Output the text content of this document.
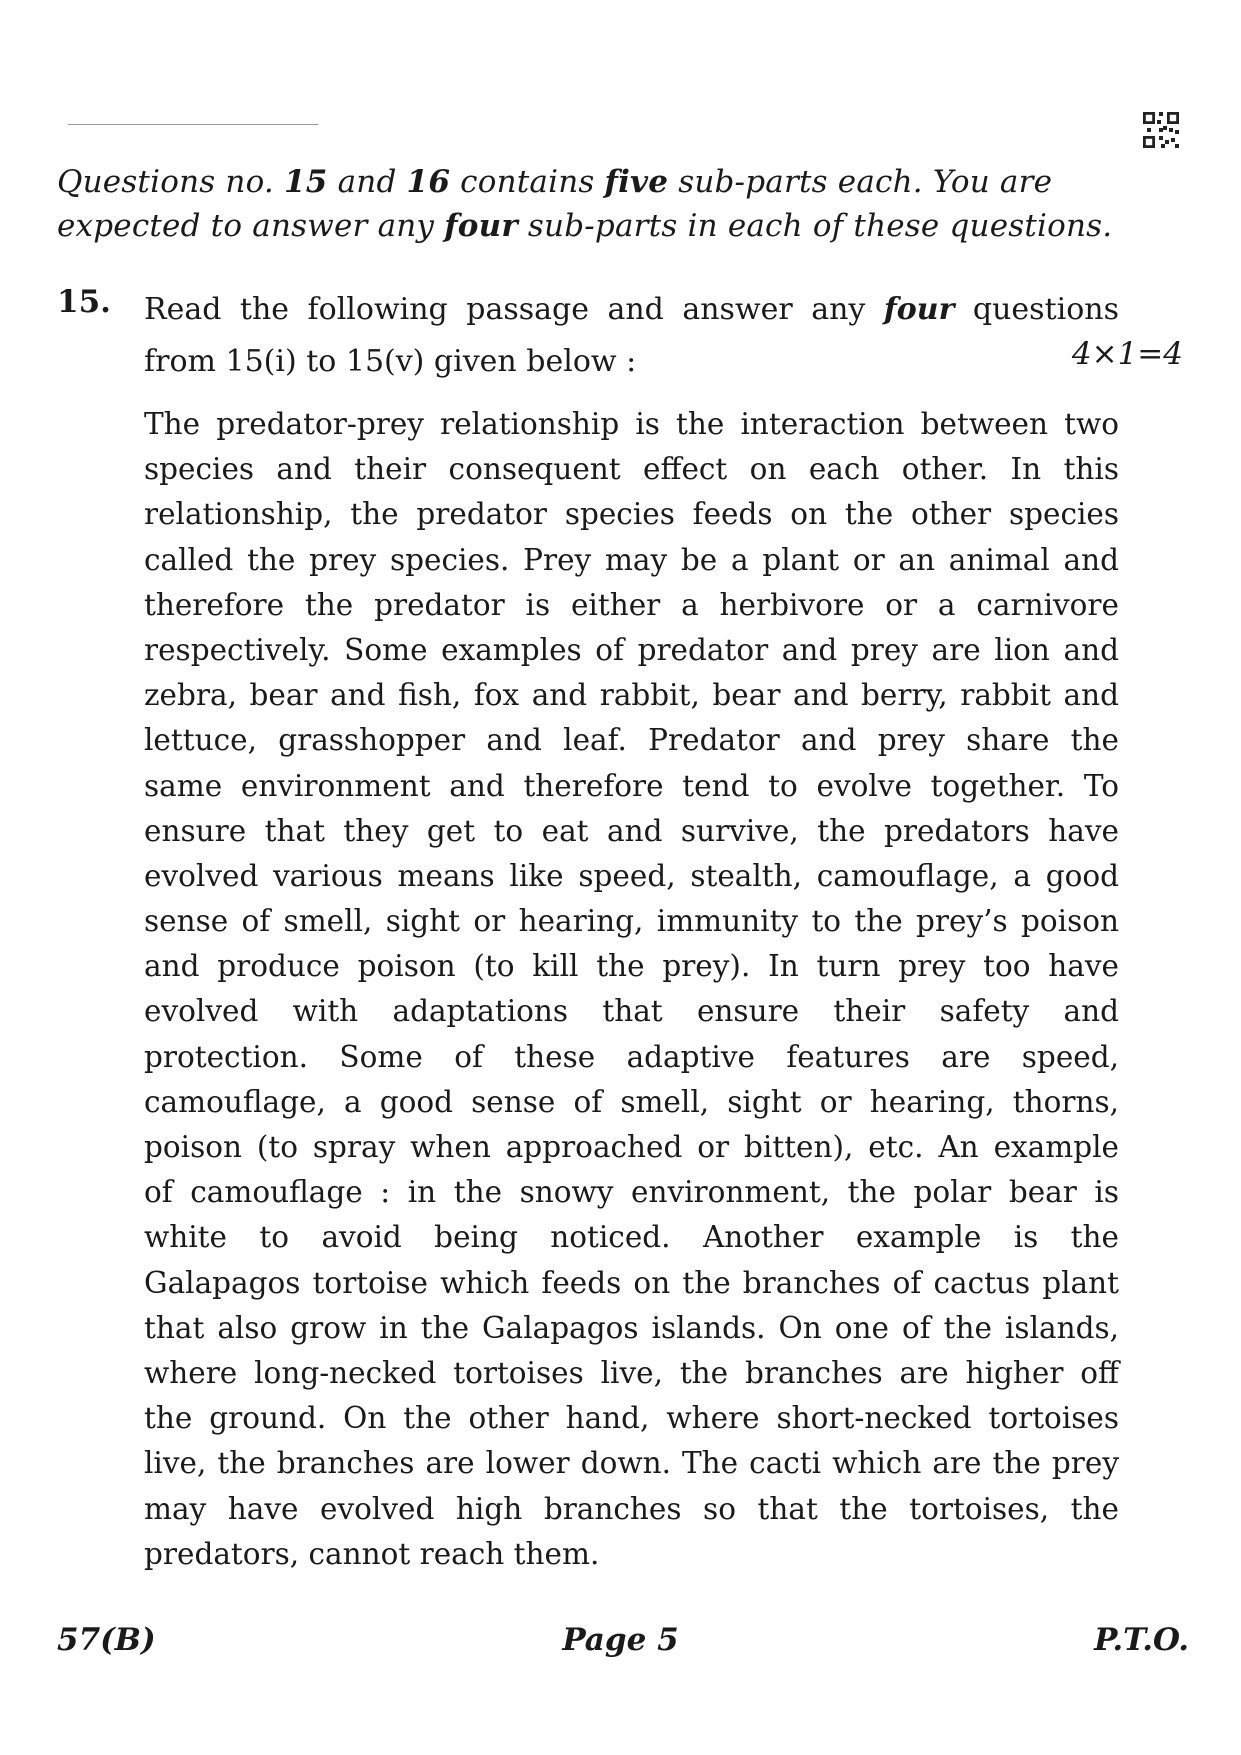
Questions no. 15 and 16 contains five sub-parts each. You are

expected to answer any four sub-parts in each of these questions.

15. Read the following passage and answer any four questions

from 15(i) to 15(v) given below :	4×1=4
The predator-prey relationship is the interaction between two
species and their consequent effect on each other. In this
relationship, the predator species feeds on the other species
called the prey species. Prey may be a plant or an animal and
therefore the predator is either a herbivore or a carnivore
respectively. Some examples of predator and prey are lion and
zebra, bear and fish, fox and rabbit, bear and berry, rabbit and
lettuce, grasshopper and leaf. Predator and prey share the
same environment and therefore tend to evolve together. To
ensure that they get to eat and survive, the predators have
evolved various means like speed, stealth, camouflage, a good
sense of smell, sight or hearing, immunity to the prey’s poison
and produce poison (to kill the prey). In turn prey too have
evolved with adaptations that ensure their safety and
protection. Some of these adaptive features are speed,
camouflage, a good sense of smell, sight or hearing, thorns,
poison (to spray when approached or bitten), etc. An example
of camouflage : in the snowy environment, the polar bear is
white to avoid being noticed. Another example is the
Galapagos tortoise which feeds on the branches of cactus plant
that also grow in the Galapagos islands. On one of the islands,
where long-necked tortoises live, the branches are higher off
the ground. On the other hand, where short-necked tortoises
live, the branches are lower down. The cacti which are the prey
may have evolved high branches so that the tortoises, the
predators, cannot reach them.
57(B)	Page 5	P.T.O.
